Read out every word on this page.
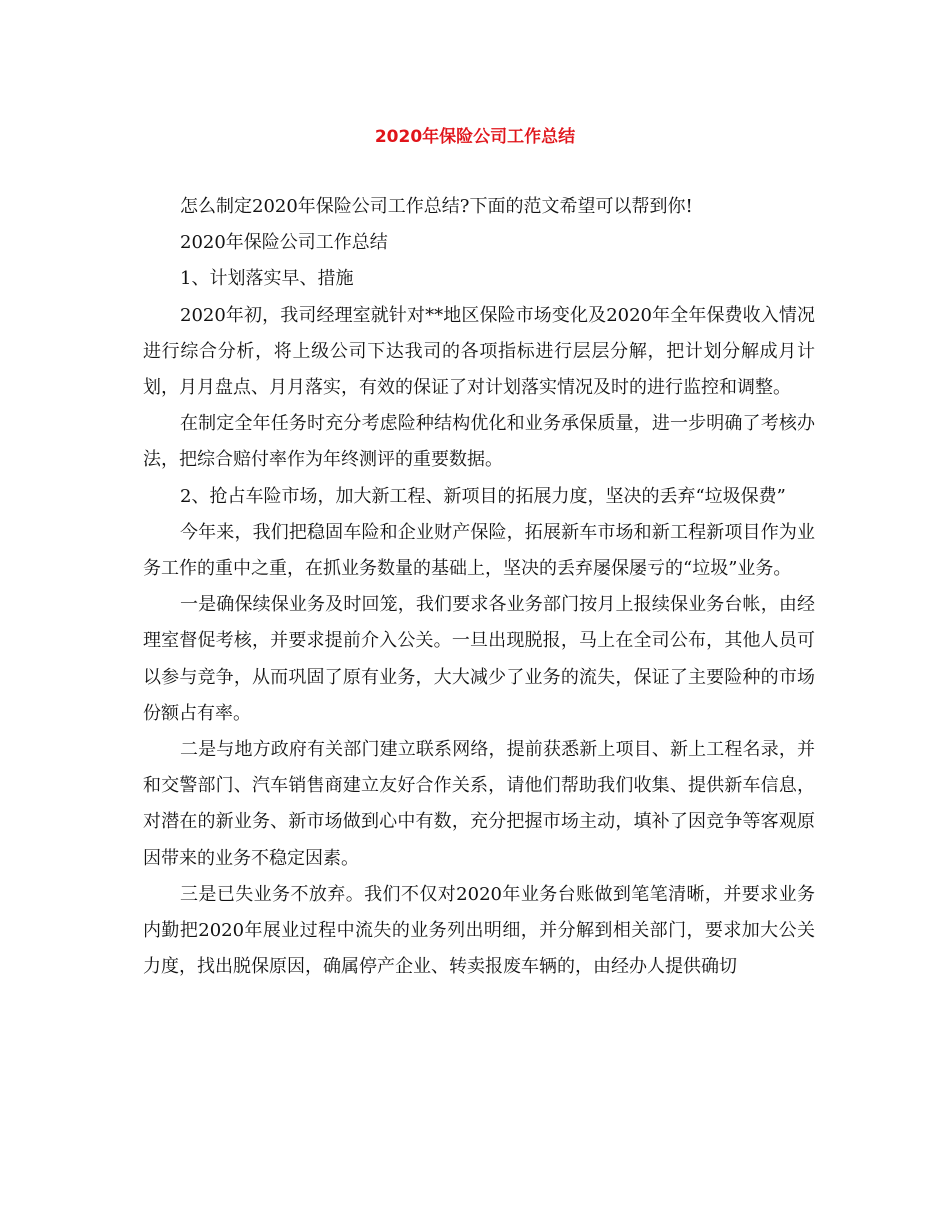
2020年保险公司工作总结

怎么制定2020年保险公司工作总结?下面的范文希望可以帮到你!

2020年保险公司工作总结

1、计划落实早、措施

2020年初，我司经理室就针对**地区保险市场变化及2020年全年保费收入情况进行综合分析，将上级公司下达我司的各项指标进行层层分解，把计划分解成月计划，月月盘点、月月落实，有效的保证了对计划落实情况及时的进行监控和调整。

在制定全年任务时充分考虑险种结构优化和业务承保质量，进一步明确了考核办法，把综合赔付率作为年终测评的重要数据。

2、抢占车险市场，加大新工程、新项目的拓展力度，坚决的丢弃“垃圾保费”

今年来，我们把稳固车险和企业财产保险，拓展新车市场和新工程新项目作为业务工作的重中之重，在抓业务数量的基础上，坚决的丢弃屡保屡亏的“垃圾”业务。

一是确保续保业务及时回笼，我们要求各业务部门按月上报续保业务台帐，由经理室督促考核，并要求提前介入公关。一旦出现脱报，马上在全司公布，其他人员可以参与竞争，从而巩固了原有业务，大大减少了业务的流失，保证了主要险种的市场份额占有率。

二是与地方政府有关部门建立联系网络，提前获悉新上项目、新上工程名录，并和交警部门、汽车销售商建立友好合作关系，请他们帮助我们收集、提供新车信息，对潜在的新业务、新市场做到心中有数，充分把握市场主动，填补了因竞争等客观原因带来的业务不稳定因素。

三是已失业务不放弃。我们不仅对2020年业务台账做到笔笔清晰，并要求业务内勤把2020年展业过程中流失的业务列出明细，并分解到相关部门，要求加大公关力度，找出脱保原因，确属停产企业、转卖报废车辆的，由经办人提供确切
